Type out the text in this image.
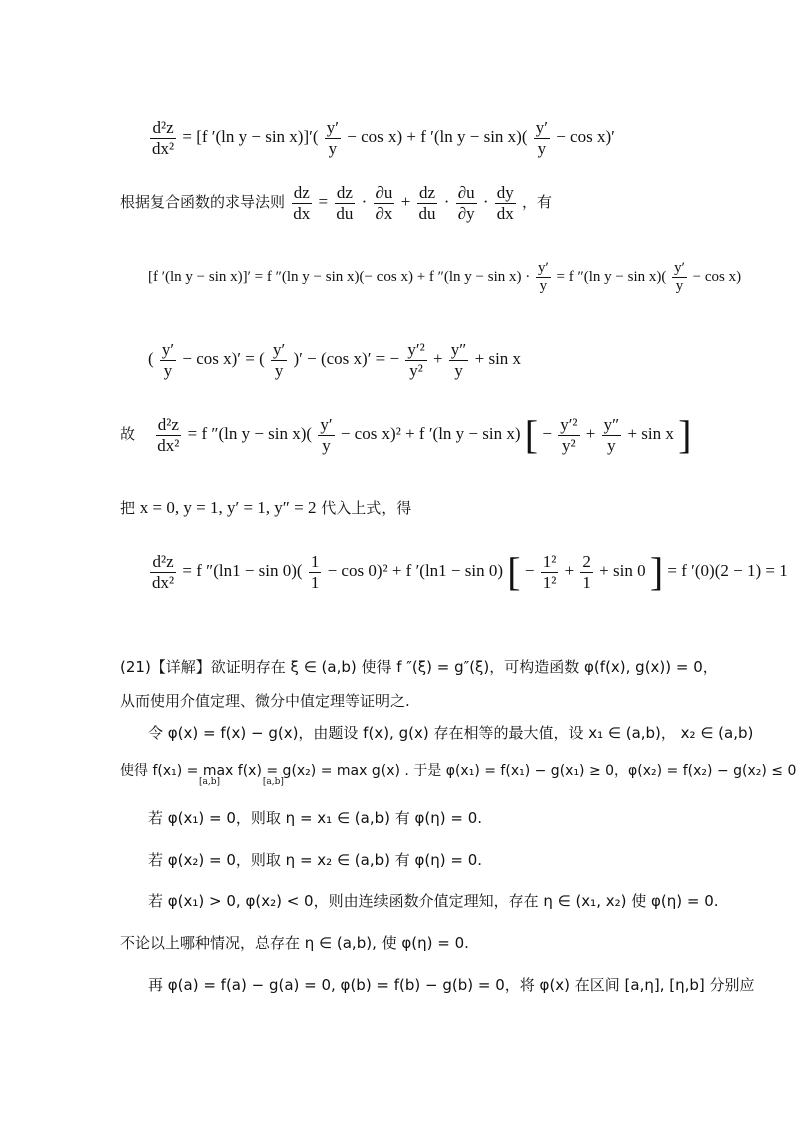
$\frac{\text{d²z}}{\text{dx²}} = [f$ ′(ln $y - \sin x)]'( \frac{y'}{y} - \cos x) + f$ ′(ln $y - \sin x)( \frac{y'}{y} - \cos x)'$
根据复合函数的求导法则 $\frac{dz}{dx} = \frac{dz}{du} \cdot \frac{\partial u}{\partial x} + \frac{dz}{du} \cdot \frac{\partial u}{\partial y} \cdot \frac{dy}{dx}$ ，有
[f ′(ln y − sin x)]′ = f ″(ln y − sin x)(− cos x) + f ″(ln $y - \sin x) \cdot \frac{y'}{y} = f$ ″(ln $y - \sin x)( \frac{y'}{y} - \cos x)$
( $\frac{y'}{y} - \cos x)'$ = ( $\frac{y'}{y}$ )′ − (cos x)′ = − $\frac{\text{y′²}}{\text{y²}} + \frac{y''}{y} + \sin x$
故 $\frac{\text{d²z}}{\text{dx²}} = f$ ″(ln $y - \sin x)( \frac{y'}{y} - \cos x)^2 + f$ ′(ln y − sin x) [ − $\frac{\text{y′²}}{\text{y²}} + \frac{y''}{y} + \sin x$ ]
把 x = 0, y = 1, y′ = 1, y″ = 2 代入上式，得
$\frac{\text{d²z}}{\text{dx²}} = f$ $''(\ln 1 - \sin 0)( \frac{1}{1} - \cos 0)^2 + f$ ′(ln1 − sin 0) [ − $\frac{\text{1²}}{\text{1²}} + \frac{2}{1} + \sin 0$ ] = f ′(0)(2 − 1) = 1
(21)【详解】欲证明存在 ξ ∈ (a,b) 使得 f ″(ξ) = g″(ξ)，可构造函数 φ(f(x), g(x)) = 0，
从而使用介值定理、微分中值定理等证明之.
令 φ(x) = f(x) − g(x)，由题设 f(x), g(x) 存在相等的最大值，设 x₁ ∈ (a,b)， x₂ ∈ (a,b)
使得 f(x₁) = max f(x) = g(x₂) = max g(x) . 于是 φ(x₁) = f(x₁) − g(x₁) ≥ 0，φ(x₂) = f(x₂) − g(x₂) ≤ 0
[a,b]               [a,b]
若 φ(x₁) = 0，则取 η = x₁ ∈ (a,b) 有 φ(η) = 0.
若 φ(x₂) = 0，则取 η = x₂ ∈ (a,b) 有 φ(η) = 0.
若 φ(x₁) > 0, φ(x₂) < 0，则由连续函数介值定理知，存在 η ∈ (x₁, x₂) 使 φ(η) = 0.
不论以上哪种情况，总存在 η ∈ (a,b), 使 φ(η) = 0.
再 φ(a) = f(a) − g(a) = 0, φ(b) = f(b) − g(b) = 0，将 φ(x) 在区间 [a,η], [η,b] 分别应
